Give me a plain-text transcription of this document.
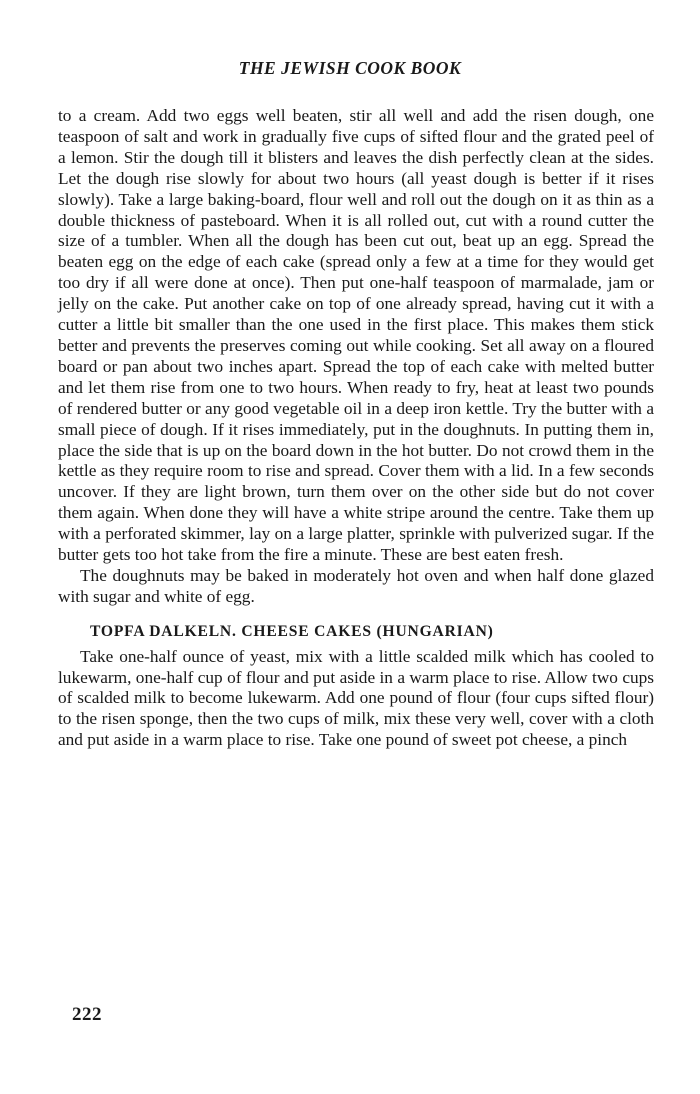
THE JEWISH COOK BOOK

to a cream. Add two eggs well beaten, stir all well and add the risen dough, one teaspoon of salt and work in gradually five cups of sifted flour and the grated peel of a lemon. Stir the dough till it blisters and leaves the dish perfectly clean at the sides. Let the dough rise slowly for about two hours (all yeast dough is better if it rises slowly). Take a large baking-board, flour well and roll out the dough on it as thin as a double thickness of pasteboard. When it is all rolled out, cut with a round cutter the size of a tumbler. When all the dough has been cut out, beat up an egg. Spread the beaten egg on the edge of each cake (spread only a few at a time for they would get too dry if all were done at once). Then put one-half teaspoon of marmalade, jam or jelly on the cake. Put another cake on top of one already spread, having cut it with a cutter a little bit smaller than the one used in the first place. This makes them stick better and prevents the preserves coming out while cooking. Set all away on a floured board or pan about two inches apart. Spread the top of each cake with melted butter and let them rise from one to two hours. When ready to fry, heat at least two pounds of rendered butter or any good vegetable oil in a deep iron kettle. Try the butter with a small piece of dough. If it rises immediately, put in the doughnuts. In putting them in, place the side that is up on the board down in the hot butter. Do not crowd them in the kettle as they require room to rise and spread. Cover them with a lid. In a few seconds uncover. If they are light brown, turn them over on the other side but do not cover them again. When done they will have a white stripe around the centre. Take them up with a perforated skimmer, lay on a large platter, sprinkle with pulverized sugar. If the butter gets too hot take from the fire a minute. These are best eaten fresh.

The doughnuts may be baked in moderately hot oven and when half done glazed with sugar and white of egg.

TOPFA DALKELN. CHEESE CAKES (HUNGARIAN)

Take one-half ounce of yeast, mix with a little scalded milk which has cooled to lukewarm, one-half cup of flour and put aside in a warm place to rise. Allow two cups of scalded milk to become lukewarm. Add one pound of flour (four cups sifted flour) to the risen sponge, then the two cups of milk, mix these very well, cover with a cloth and put aside in a warm place to rise. Take one pound of sweet pot cheese, a pinch

222
